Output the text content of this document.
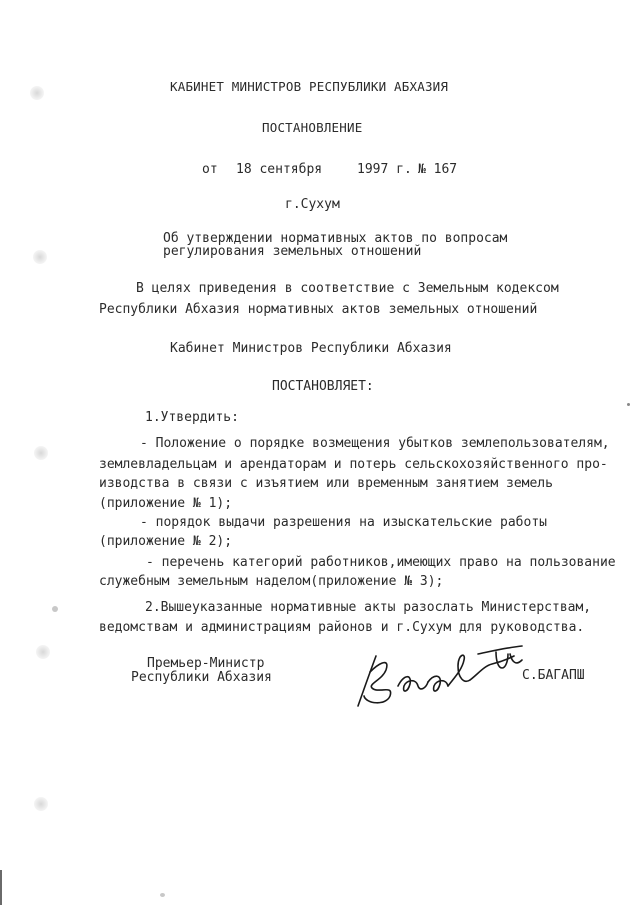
КАБИНЕТ МИНИСТРОВ РЕСПУБЛИКИ АБХАЗИЯ
ПОСТАНОВЛЕНИЕ
от 18 сентября	1997 г. № 167
г.Сухум
Об утверждении нормативных актов по вопросам
регулирования земельных отношений
В целях приведения в соответствие с Земельным кодексом
Республики Абхазия нормативных актов земельных отношений
Кабинет Министров Республики Абхазия
ПОСТАНОВЛЯЕТ:
1.Утвердить:
- Положение о порядке возмещения убытков землепользователям,
землевладельцам и арендаторам и потерь сельскохозяйственного про-
изводства в связи с изъятием или временным занятием земель
(приложение № 1);
- порядок выдачи разрешения на изыскательские работы
(приложение № 2);
- перечень категорий работников,имеющих право на пользование
служебным земельным наделом(приложение № 3);
2.Вышеуказанные нормативные акты разослать Министерствам,
ведомствам и администрациям районов и г.Сухум для руководства.
Премьер-Министр
Республики Абхазия	С.БАГАПШ
